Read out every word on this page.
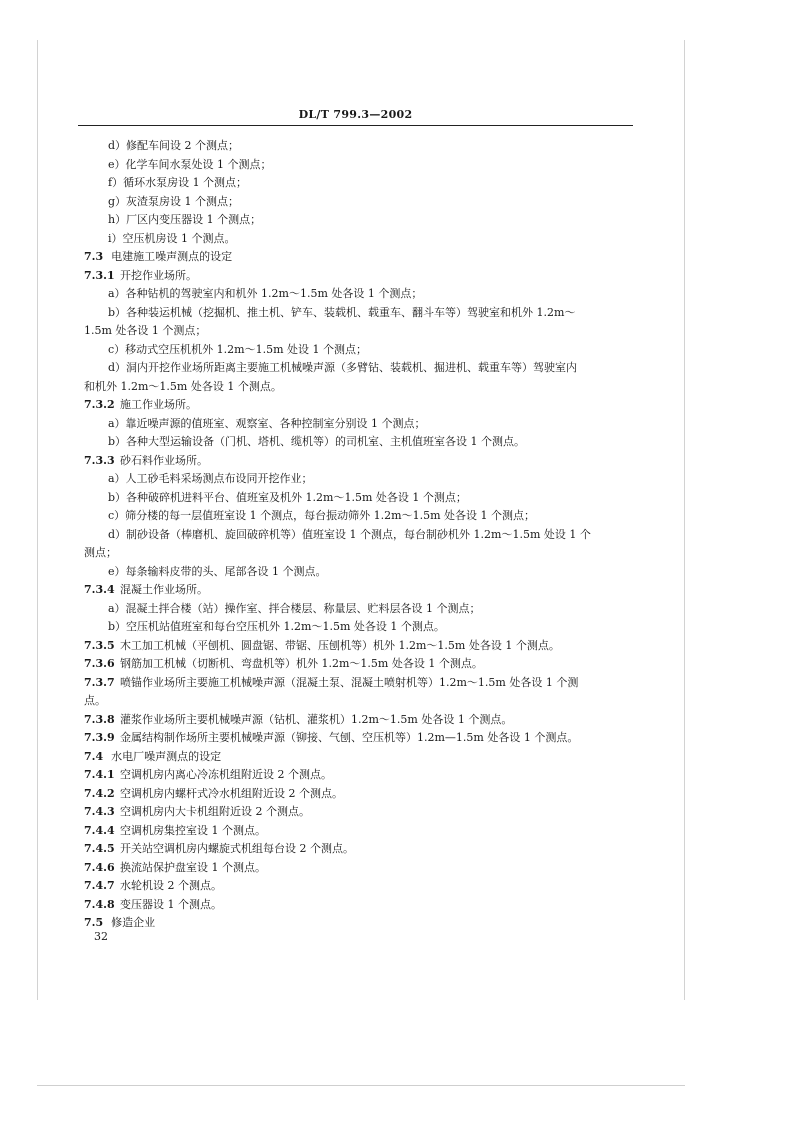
DL/T 799.3—2002
d）修配车间设 2 个测点；
e）化学车间水泵处设 1 个测点；
f）循环水泵房设 1 个测点；
g）灰渣泵房设 1 个测点；
h）厂区内变压器设 1 个测点；
i）空压机房设 1 个测点。
7.3 电建施工噪声测点的设定
7.3.1 开挖作业场所。
a）各种钻机的驾驶室内和机外 1.2m～1.5m 处各设 1 个测点；
b）各种装运机械（挖掘机、推土机、铲车、装载机、载重车、翻斗车等）驾驶室和机外 1.2m～
1.5m 处各设 1 个测点；
c）移动式空压机机外 1.2m～1.5m 处设 1 个测点；
d）洞内开挖作业场所距离主要施工机械噪声源（多臂钻、装载机、掘进机、载重车等）驾驶室内
和机外 1.2m～1.5m 处各设 1 个测点。
7.3.2 施工作业场所。
a）靠近噪声源的值班室、观察室、各种控制室分别设 1 个测点；
b）各种大型运输设备（门机、塔机、缆机等）的司机室、主机值班室各设 1 个测点。
7.3.3 砂石料作业场所。
a）人工砂毛料采场测点布设同开挖作业；
b）各种破碎机进料平台、值班室及机外 1.2m～1.5m 处各设 1 个测点；
c）筛分楼的每一层值班室设 1 个测点，每台振动筛外 1.2m～1.5m 处各设 1 个测点；
d）制砂设备（棒磨机、旋回破碎机等）值班室设 1 个测点，每台制砂机外 1.2m～1.5m 处设 1 个
测点；
e）每条输料皮带的头、尾部各设 1 个测点。
7.3.4 混凝土作业场所。
a）混凝土拌合楼（站）操作室、拌合楼层、称量层、贮料层各设 1 个测点；
b）空压机站值班室和每台空压机外 1.2m～1.5m 处各设 1 个测点。
7.3.5 木工加工机械（平刨机、圆盘锯、带锯、压刨机等）机外 1.2m～1.5m 处各设 1 个测点。
7.3.6 钢筋加工机械（切断机、弯盘机等）机外 1.2m～1.5m 处各设 1 个测点。
7.3.7 喷锚作业场所主要施工机械噪声源（混凝土泵、混凝土喷射机等）1.2m～1.5m 处各设 1 个测
点。
7.3.8 灌浆作业场所主要机械噪声源（钻机、灌浆机）1.2m～1.5m 处各设 1 个测点。
7.3.9 金属结构制作场所主要机械噪声源（铆接、气刨、空压机等）1.2m—1.5m 处各设 1 个测点。
7.4 水电厂噪声测点的设定
7.4.1 空调机房内离心冷冻机组附近设 2 个测点。
7.4.2 空调机房内螺杆式冷水机组附近设 2 个测点。
7.4.3 空调机房内大卡机组附近设 2 个测点。
7.4.4 空调机房集控室设 1 个测点。
7.4.5 开关站空调机房内螺旋式机组每台设 2 个测点。
7.4.6 换流站保护盘室设 1 个测点。
7.4.7 水轮机设 2 个测点。
7.4.8 变压器设 1 个测点。
7.5 修造企业
32
